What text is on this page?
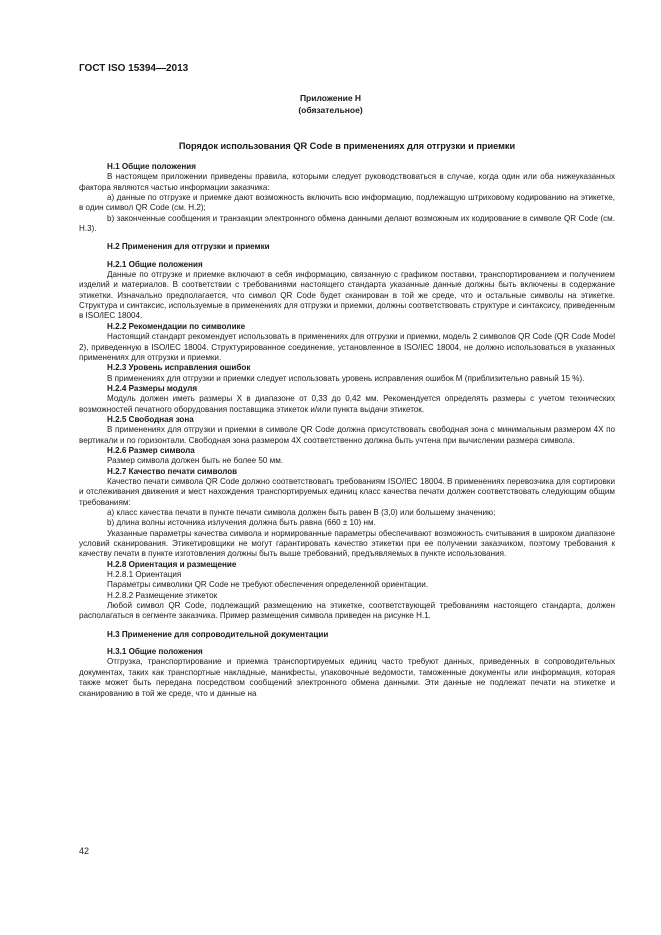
ГОСТ ISO 15394—2013
Приложение Н
(обязательное)
Порядок использования QR Code в применениях для отгрузки и приемки

Н.1 Общие положения

В настоящем приложении приведены правила, которыми следует руководствоваться в случае, когда один или оба нижеуказанных фактора являются частью информации заказчика:

а) данные по отгрузке и приемке дают возможность включить всю информацию, подлежащую штриховому кодированию на этикетке, в один символ QR Code (см. Н.2);

b) законченные сообщения и транзакции электронного обмена данными делают возможным их кодирование в символе QR Code (см. Н.3).

Н.2 Применения для отгрузки и приемки

Н.2.1 Общие положения

Данные по отгрузке и приемке включают в себя информацию, связанную с графиком поставки, транспортированием и получением изделий и материалов. В соответствии с требованиями настоящего стандарта указанные данные должны быть включены в содержание этикетки. Изначально предполагается, что символ QR Code будет сканирован в той же среде, что и остальные символы на этикетке. Структура и синтаксис, используемые в применениях для отгрузки и приемки, должны соответствовать структуре и синтаксису, приведенным в ISO/IEC 18004.

Н.2.2 Рекомендации по символике

Настоящий стандарт рекомендует использовать в применениях для отгрузки и приемки, модель 2 символов QR Code (QR Code Model 2), приведенную в ISO/IEC 18004. Структурированное соединение, установленное в ISO/IEC 18004, не должно использоваться в указанных применениях для отгрузки и приемки.

Н.2.3 Уровень исправления ошибок

В применениях для отгрузки и приемки следует использовать уровень исправления ошибок М (приблизительно равный 15 %).

Н.2.4 Размеры модуля

Модуль должен иметь размеры X в диапазоне от 0,33 до 0,42 мм. Рекомендуется определять размеры с учетом технических возможностей печатного оборудования поставщика этикеток и/или пункта выдачи этикеток.

Н.2.5 Свободная зона

В применениях для отгрузки и приемки в символе QR Code должна присутствовать свободная зона с минимальным размером 4X по вертикали и по горизонтали. Свободная зона размером 4X соответственно должна быть учтена при вычислении размера символа.

Н.2.6 Размер символа

Размер символа должен быть не более 50 мм.

Н.2.7 Качество печати символов

Качество печати символа QR Code должно соответствовать требованиям ISO/IEC 18004. В применениях перевозчика для сортировки и отслеживания движения и мест нахождения транспортируемых единиц класс качества печати должен соответствовать следующим общим требованиям:

а) класс качества печати в пункте печати символа должен быть равен В (3,0) или большему значению;

b) длина волны источника излучения должна быть равна (660 ± 10) нм.

Указанные параметры качества символа и нормированные параметры обеспечивают возможность считывания в широком диапазоне условий сканирования. Этикетировщики не могут гарантировать качество этикетки при ее получении заказчиком, поэтому требования к качеству печати в пункте изготовления должны быть выше требований, предъявляемых в пункте использования.

Н.2.8 Ориентация и размещение

Н.2.8.1 Ориентация

Параметры символики QR Code не требуют обеспечения определенной ориентации.

Н.2.8.2 Размещение этикеток

Любой символ QR Code, подлежащий размещению на этикетке, соответствующей требованиям настоящего стандарта, должен располагаться в сегменте заказчика. Пример размещения символа приведен на рисунке Н.1.

Н.3 Применение для сопроводительной документации

Н.3.1 Общие положения

Отгрузка, транспортирование и приемка транспортируемых единиц часто требуют данных, приведенных в сопроводительных документах, таких как транспортные накладные, манифесты, упаковочные ведомости, таможенные документы или информация, которая также может быть передана посредством сообщений электронного обмена данными. Эти данные не подлежат печати на этикетке и сканированию в той же среде, что и данные на

42
